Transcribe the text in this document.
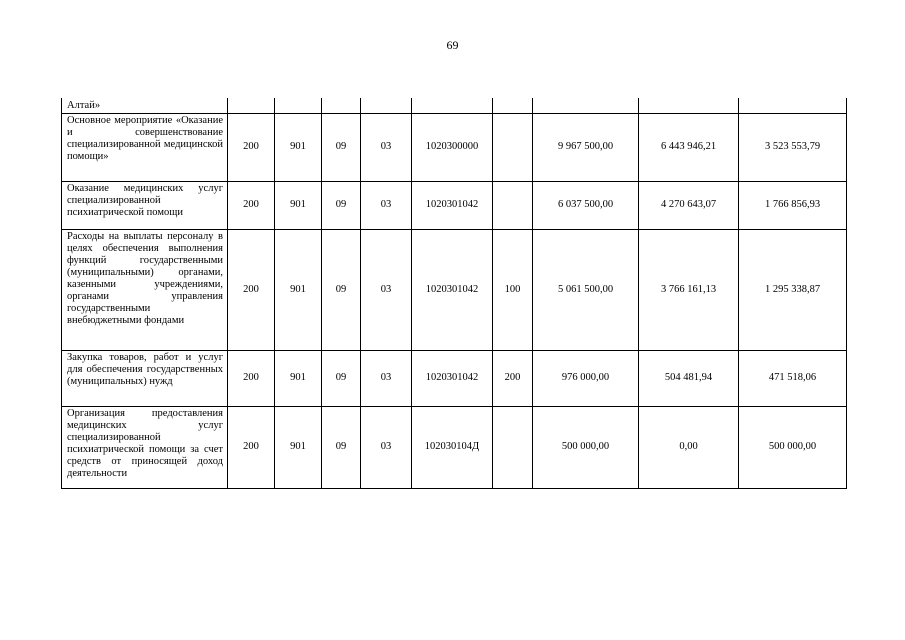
69
Алтай»									
Основное мероприятие «Оказание и совершенствование специализированной медицинской помощи»	200	901	09	03	1020300000		9 967 500,00	6 443 946,21	3 523 553,79
Оказание медицинских услуг специализированной психиатрической помощи	200	901	09	03	1020301042		6 037 500,00	4 270 643,07	1 766 856,93
Расходы на выплаты персоналу в целях обеспечения выполнения функций государственными (муниципальными) органами, казенными учреждениями, органами управления государственными внебюджетными фондами	200	901	09	03	1020301042	100	5 061 500,00	3 766 161,13	1 295 338,87
Закупка товаров, работ и услуг для обеспечения государственных (муниципальных) нужд	200	901	09	03	1020301042	200	976 000,00	504 481,94	471 518,06
Организация предоставления медицинских услуг специализированной психиатрической помощи за счет средств от приносящей доход деятельности	200	901	09	03	102030104Д		500 000,00	0,00	500 000,00
